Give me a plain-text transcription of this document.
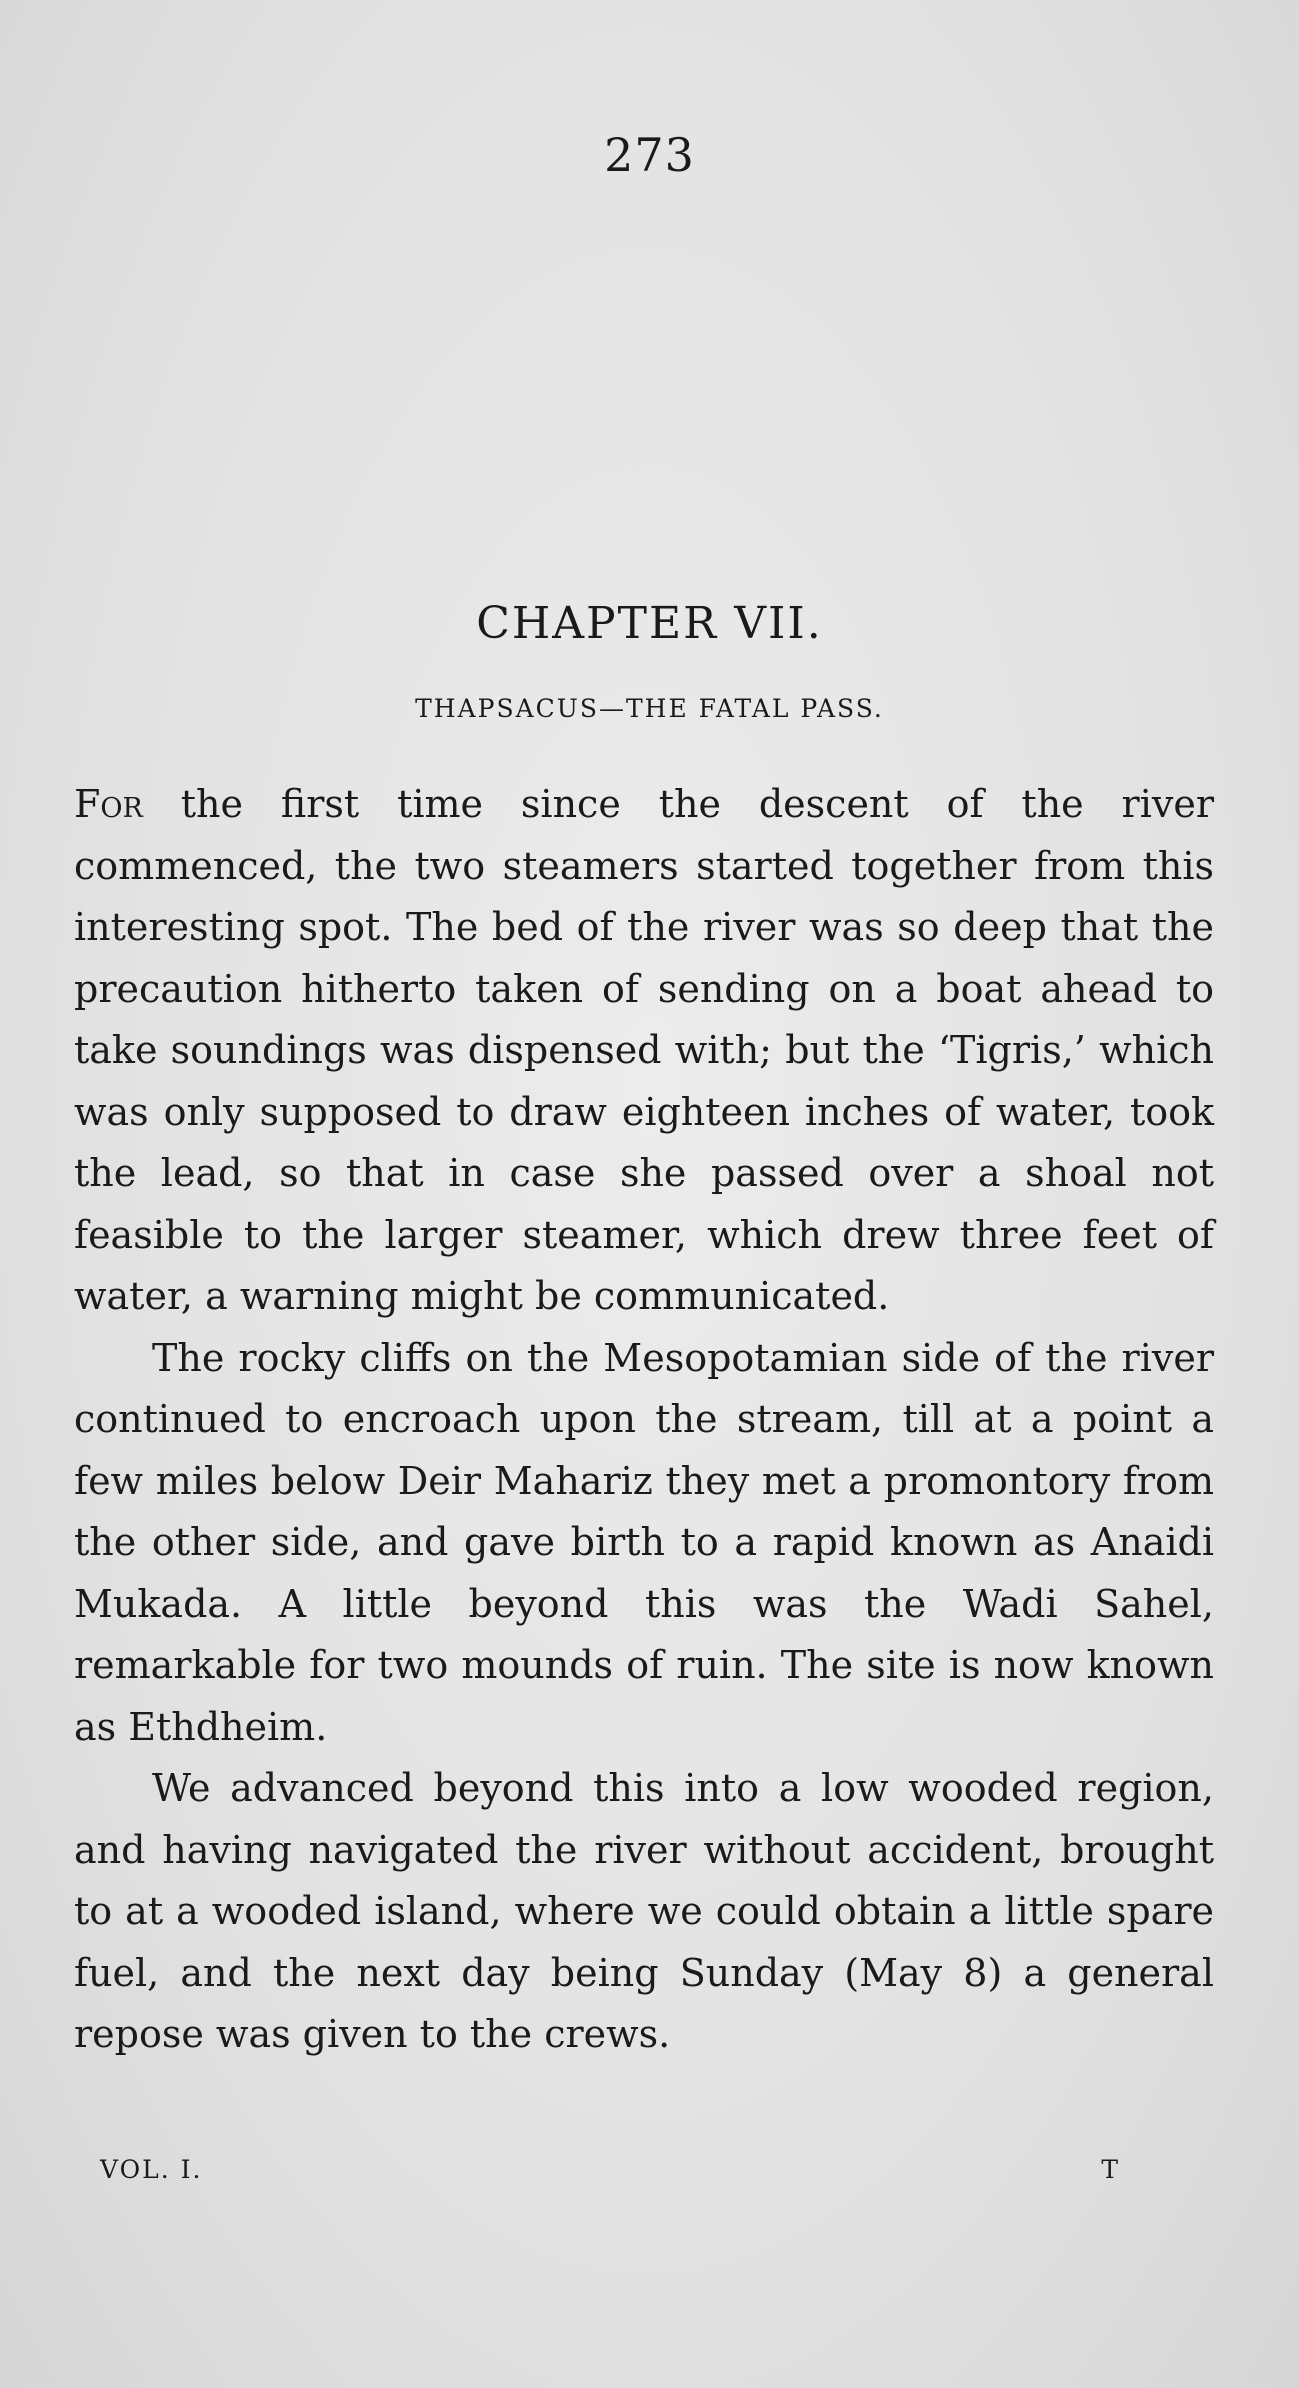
273
CHAPTER VII.
THAPSACUS—THE FATAL PASS.

For the first time since the descent of the river commenced, the two steamers started together from this interesting spot. The bed of the river was so deep that the precaution hitherto taken of sending on a boat ahead to take soundings was dispensed with; but the ‘Tigris,’ which was only supposed to draw eighteen inches of water, took the lead, so that in case she passed over a shoal not feasible to the larger steamer, which drew three feet of water, a warning might be communicated.

The rocky cliffs on the Mesopotamian side of the river continued to encroach upon the stream, till at a point a few miles below Deir Mahariz they met a promontory from the other side, and gave birth to a rapid known as Anaidi Mukada. A little beyond this was the Wadi Sahel, remarkable for two mounds of ruin. The site is now known as Ethdheim.

We advanced beyond this into a low wooded region, and having navigated the river without accident, brought to at a wooded island, where we could obtain a little spare fuel, and the next day being Sunday (May 8) a general repose was given to the crews.

VOL. I.	T
